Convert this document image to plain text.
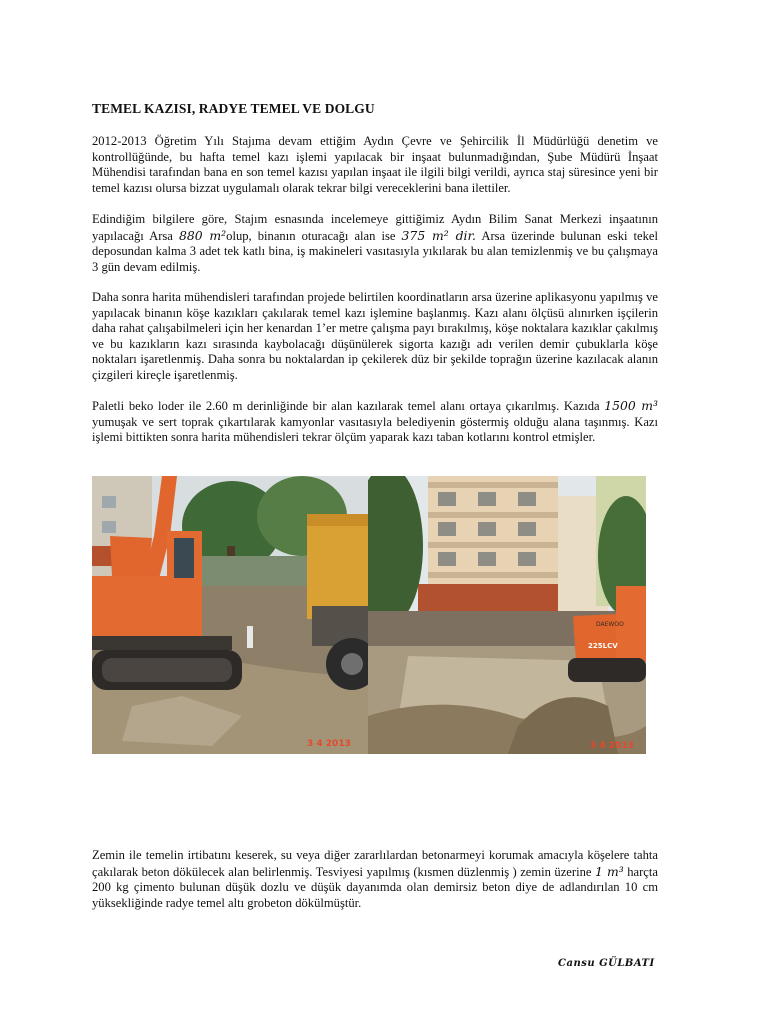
TEMEL KAZISI, RADYE TEMEL VE DOLGU

2012-2013 Öğretim Yılı Stajıma devam ettiğim Aydın Çevre ve Şehircilik İl Müdürlüğü denetim ve kontrollüğünde, bu hafta temel kazı işlemi yapılacak bir inşaat bulunmadığından, Şube Müdürü İnşaat Mühendisi tarafından bana en son temel kazısı yapılan inşaat ile ilgili bilgi verildi, ayrıca staj süresince yeni bir temel kazısı olursa bizzat uygulamalı olarak tekrar bilgi vereceklerini bana ilettiler.

Edindiğim bilgilere göre, Stajım esnasında incelemeye gittiğimiz Aydın Bilim Sanat Merkezi inşaatının yapılacağı Arsa 880 m²olup, binanın oturacağı alan ise 375 m² dir. Arsa üzerinde bulunan eski tekel deposundan kalma 3 adet tek katlı bina, iş makineleri vasıtasıyla yıkılarak bu alan temizlenmiş ve bu çalışmaya 3 gün devam edilmiş.

Daha sonra harita mühendisleri tarafından projede belirtilen koordinatların arsa üzerine aplikasyonu yapılmış ve yapılacak binanın köşe kazıkları çakılarak temel kazı işlemine başlanmış. Kazı alanı ölçüsü alınırken işçilerin daha rahat çalışabilmeleri için her kenardan 1’er metre çalışma payı bırakılmış, köşe noktalara kazıklar çakılmış ve bu kazıkların kazı sırasında kaybolacağı düşünülerek sigorta kazığı adı verilen demir çubuklarla köşe noktaları işaretlenmiş. Daha sonra bu noktalardan ip çekilerek düz bir şekilde toprağın üzerine kazılacak alanın çizgileri kireçle işaretlenmiş.

Paletli beko loder ile 2.60 m derinliğinde bir alan kazılarak temel alanı ortaya çıkarılmış. Kazıda 1500 m³ yumuşak ve sert toprak çıkartılarak kamyonlar vasıtasıyla belediyenin göstermiş olduğu alana taşınmış. Kazı işlemi bittikten sonra harita mühendisleri tekrar ölçüm yaparak kazı taban kotlarını kontrol etmişler.

Zemin ile temelin irtibatını keserek, su veya diğer zararlılardan betonarmeyi korumak amacıyla köşelere tahta çakılarak beton dökülecek alan belirlenmiş. Tesviyesi yapılmış (kısmen düzlenmiş ) zemin üzerine 1 m³ harçta 200 kg çimento bulunan düşük dozlu ve düşük dayanımda olan demirsiz beton diye de adlandırılan 10 cm yüksekliğinde radye temel altı grobeton dökülmüştür.

3 4 2013
DAEWOO
225LCV
3 4 2013
Cansu GÜLBATI
